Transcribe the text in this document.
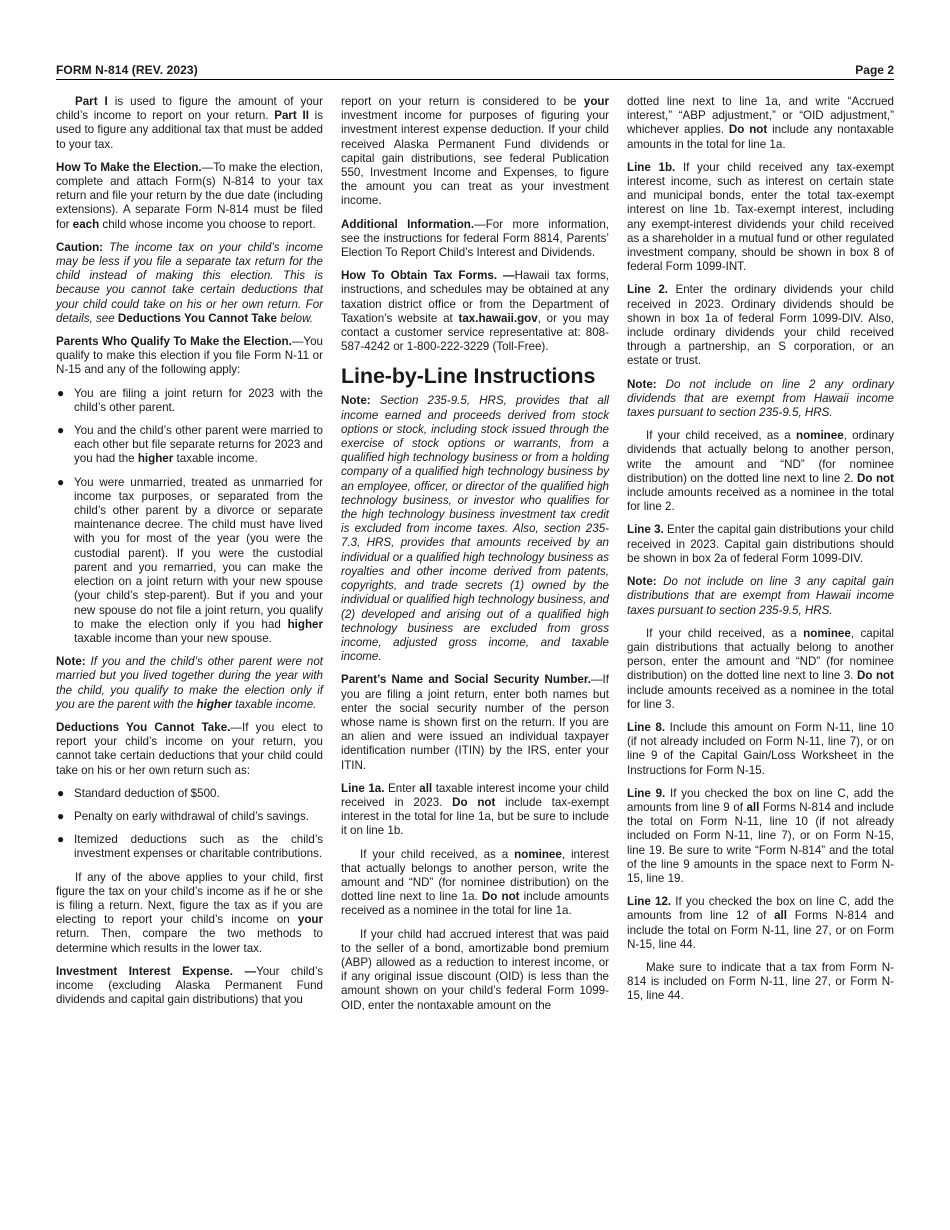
FORM N-814 (REV. 2023)	Page 2

Part I is used to figure the amount of your child’s income to report on your return. Part II is used to figure any additional tax that must be added to your tax.

How To Make the Election.—To make the election, complete and attach Form(s) N-814 to your tax return and file your return by the due date (including extensions). A separate Form N-814 must be filed for each child whose income you choose to report.

Caution: The income tax on your child’s income may be less if you file a separate tax return for the child instead of making this election. This is because you cannot take certain deductions that your child could take on his or her own return. For details, see Deductions You Cannot Take below.

Parents Who Qualify To Make the Election.—You qualify to make this election if you file Form N-11 or N-15 and any of the following apply:

● You are filing a joint return for 2023 with the child’s other parent.
● You and the child’s other parent were married to each other but file separate returns for 2023 and you had the higher taxable income.
● You were unmarried, treated as unmarried for income tax purposes, or separated from the child’s other parent by a divorce or separate maintenance decree. The child must have lived with you for most of the year (you were the custodial parent). If you were the custodial parent and you remarried, you can make the election on a joint return with your new spouse (your child’s step-parent). But if you and your new spouse do not file a joint return, you qualify to make the election only if you had higher taxable income than your new spouse.

Note: If you and the child’s other parent were not married but you lived together during the year with the child, you qualify to make the election only if you are the parent with the higher taxable income.

Deductions You Cannot Take.—If you elect to report your child’s income on your return, you cannot take certain deductions that your child could take on his or her own return such as:

● Standard deduction of $500.
● Penalty on early withdrawal of child’s savings.
● Itemized deductions such as the child’s investment expenses or charitable contributions.

If any of the above applies to your child, first figure the tax on your child’s income as if he or she is filing a return. Next, figure the tax as if you are electing to report your child’s income on your return. Then, compare the two methods to determine which results in the lower tax.

Investment Interest Expense. —Your child’s income (excluding Alaska Permanent Fund dividends and capital gain distributions) that you

report on your return is considered to be your investment income for purposes of figuring your investment interest expense deduction. If your child received Alaska Permanent Fund dividends or capital gain distributions, see federal Publication 550, Investment Income and Expenses, to figure the amount you can treat as your investment income.

Additional Information.—For more information, see the instructions for federal Form 8814, Parents’ Election To Report Child’s Interest and Dividends.

How To Obtain Tax Forms. —Hawaii tax forms, instructions, and schedules may be obtained at any taxation district office or from the Department of Taxation’s website at tax.hawaii.gov, or you may contact a customer service representative at: 808-587-4242 or 1-800-222-3229 (Toll-Free).

Line-by-Line Instructions

Note: Section 235-9.5, HRS, provides that all income earned and proceeds derived from stock options or stock, including stock issued through the exercise of stock options or warrants, from a qualified high technology business or from a holding company of a qualified high technology business by an employee, officer, or director of the qualified high technology business, or investor who qualifies for the high technology business investment tax credit is excluded from income taxes. Also, section 235-7.3, HRS, provides that amounts received by an individual or a qualified high technology business as royalties and other income derived from patents, copyrights, and trade secrets (1) owned by the individual or qualified high technology business, and (2) developed and arising out of a qualified high technology business are excluded from gross income, adjusted gross income, and taxable income.

Parent’s Name and Social Security Number.—If you are filing a joint return, enter both names but enter the social security number of the person whose name is shown first on the return. If you are an alien and were issued an individual taxpayer identification number (ITIN) by the IRS, enter your ITIN.

Line 1a. Enter all taxable interest income your child received in 2023. Do not include tax-exempt interest in the total for line 1a, but be sure to include it on line 1b.

If your child received, as a nominee, interest that actually belongs to another person, write the amount and “ND” (for nominee distribution) on the dotted line next to line 1a. Do not include amounts received as a nominee in the total for line 1a.

If your child had accrued interest that was paid to the seller of a bond, amortizable bond premium (ABP) allowed as a reduction to interest income, or if any original issue discount (OID) is less than the amount shown on your child’s federal Form 1099-OID, enter the nontaxable amount on the

dotted line next to line 1a, and write “Accrued interest,” “ABP adjustment,” or “OID adjustment,” whichever applies. Do not include any nontaxable amounts in the total for line 1a.

Line 1b. If your child received any tax-exempt interest income, such as interest on certain state and municipal bonds, enter the total tax-exempt interest on line 1b. Tax-exempt interest, including any exempt-interest dividends your child received as a shareholder in a mutual fund or other regulated investment company, should be shown in box 8 of federal Form 1099-INT.

Line 2. Enter the ordinary dividends your child received in 2023. Ordinary dividends should be shown in box 1a of federal Form 1099-DIV. Also, include ordinary dividends your child received through a partnership, an S corporation, or an estate or trust.

Note: Do not include on line 2 any ordinary dividends that are exempt from Hawaii income taxes pursuant to section 235-9.5, HRS.

If your child received, as a nominee, ordinary dividends that actually belong to another person, write the amount and “ND” (for nominee distribution) on the dotted line next to line 2. Do not include amounts received as a nominee in the total for line 2.

Line 3. Enter the capital gain distributions your child received in 2023. Capital gain distributions should be shown in box 2a of federal Form 1099-DIV.

Note: Do not include on line 3 any capital gain distributions that are exempt from Hawaii income taxes pursuant to section 235-9.5, HRS.

If your child received, as a nominee, capital gain distributions that actually belong to another person, enter the amount and “ND” (for nominee distribution) on the dotted line next to line 3. Do not include amounts received as a nominee in the total for line 3.

Line 8. Include this amount on Form N-11, line 10 (if not already included on Form N-11, line 7), or on line 9 of the Capital Gain/Loss Worksheet in the Instructions for Form N-15.

Line 9. If you checked the box on line C, add the amounts from line 9 of all Forms N-814 and include the total on Form N-11, line 10 (if not already included on Form N-11, line 7), or on Form N-15, line 19. Be sure to write “Form N-814” and the total of the line 9 amounts in the space next to Form N-15, line 19.

Line 12. If you checked the box on line C, add the amounts from line 12 of all Forms N-814 and include the total on Form N-11, line 27, or on Form N-15, line 44.

Make sure to indicate that a tax from Form N-814 is included on Form N-11, line 27, or Form N-15, line 44.
